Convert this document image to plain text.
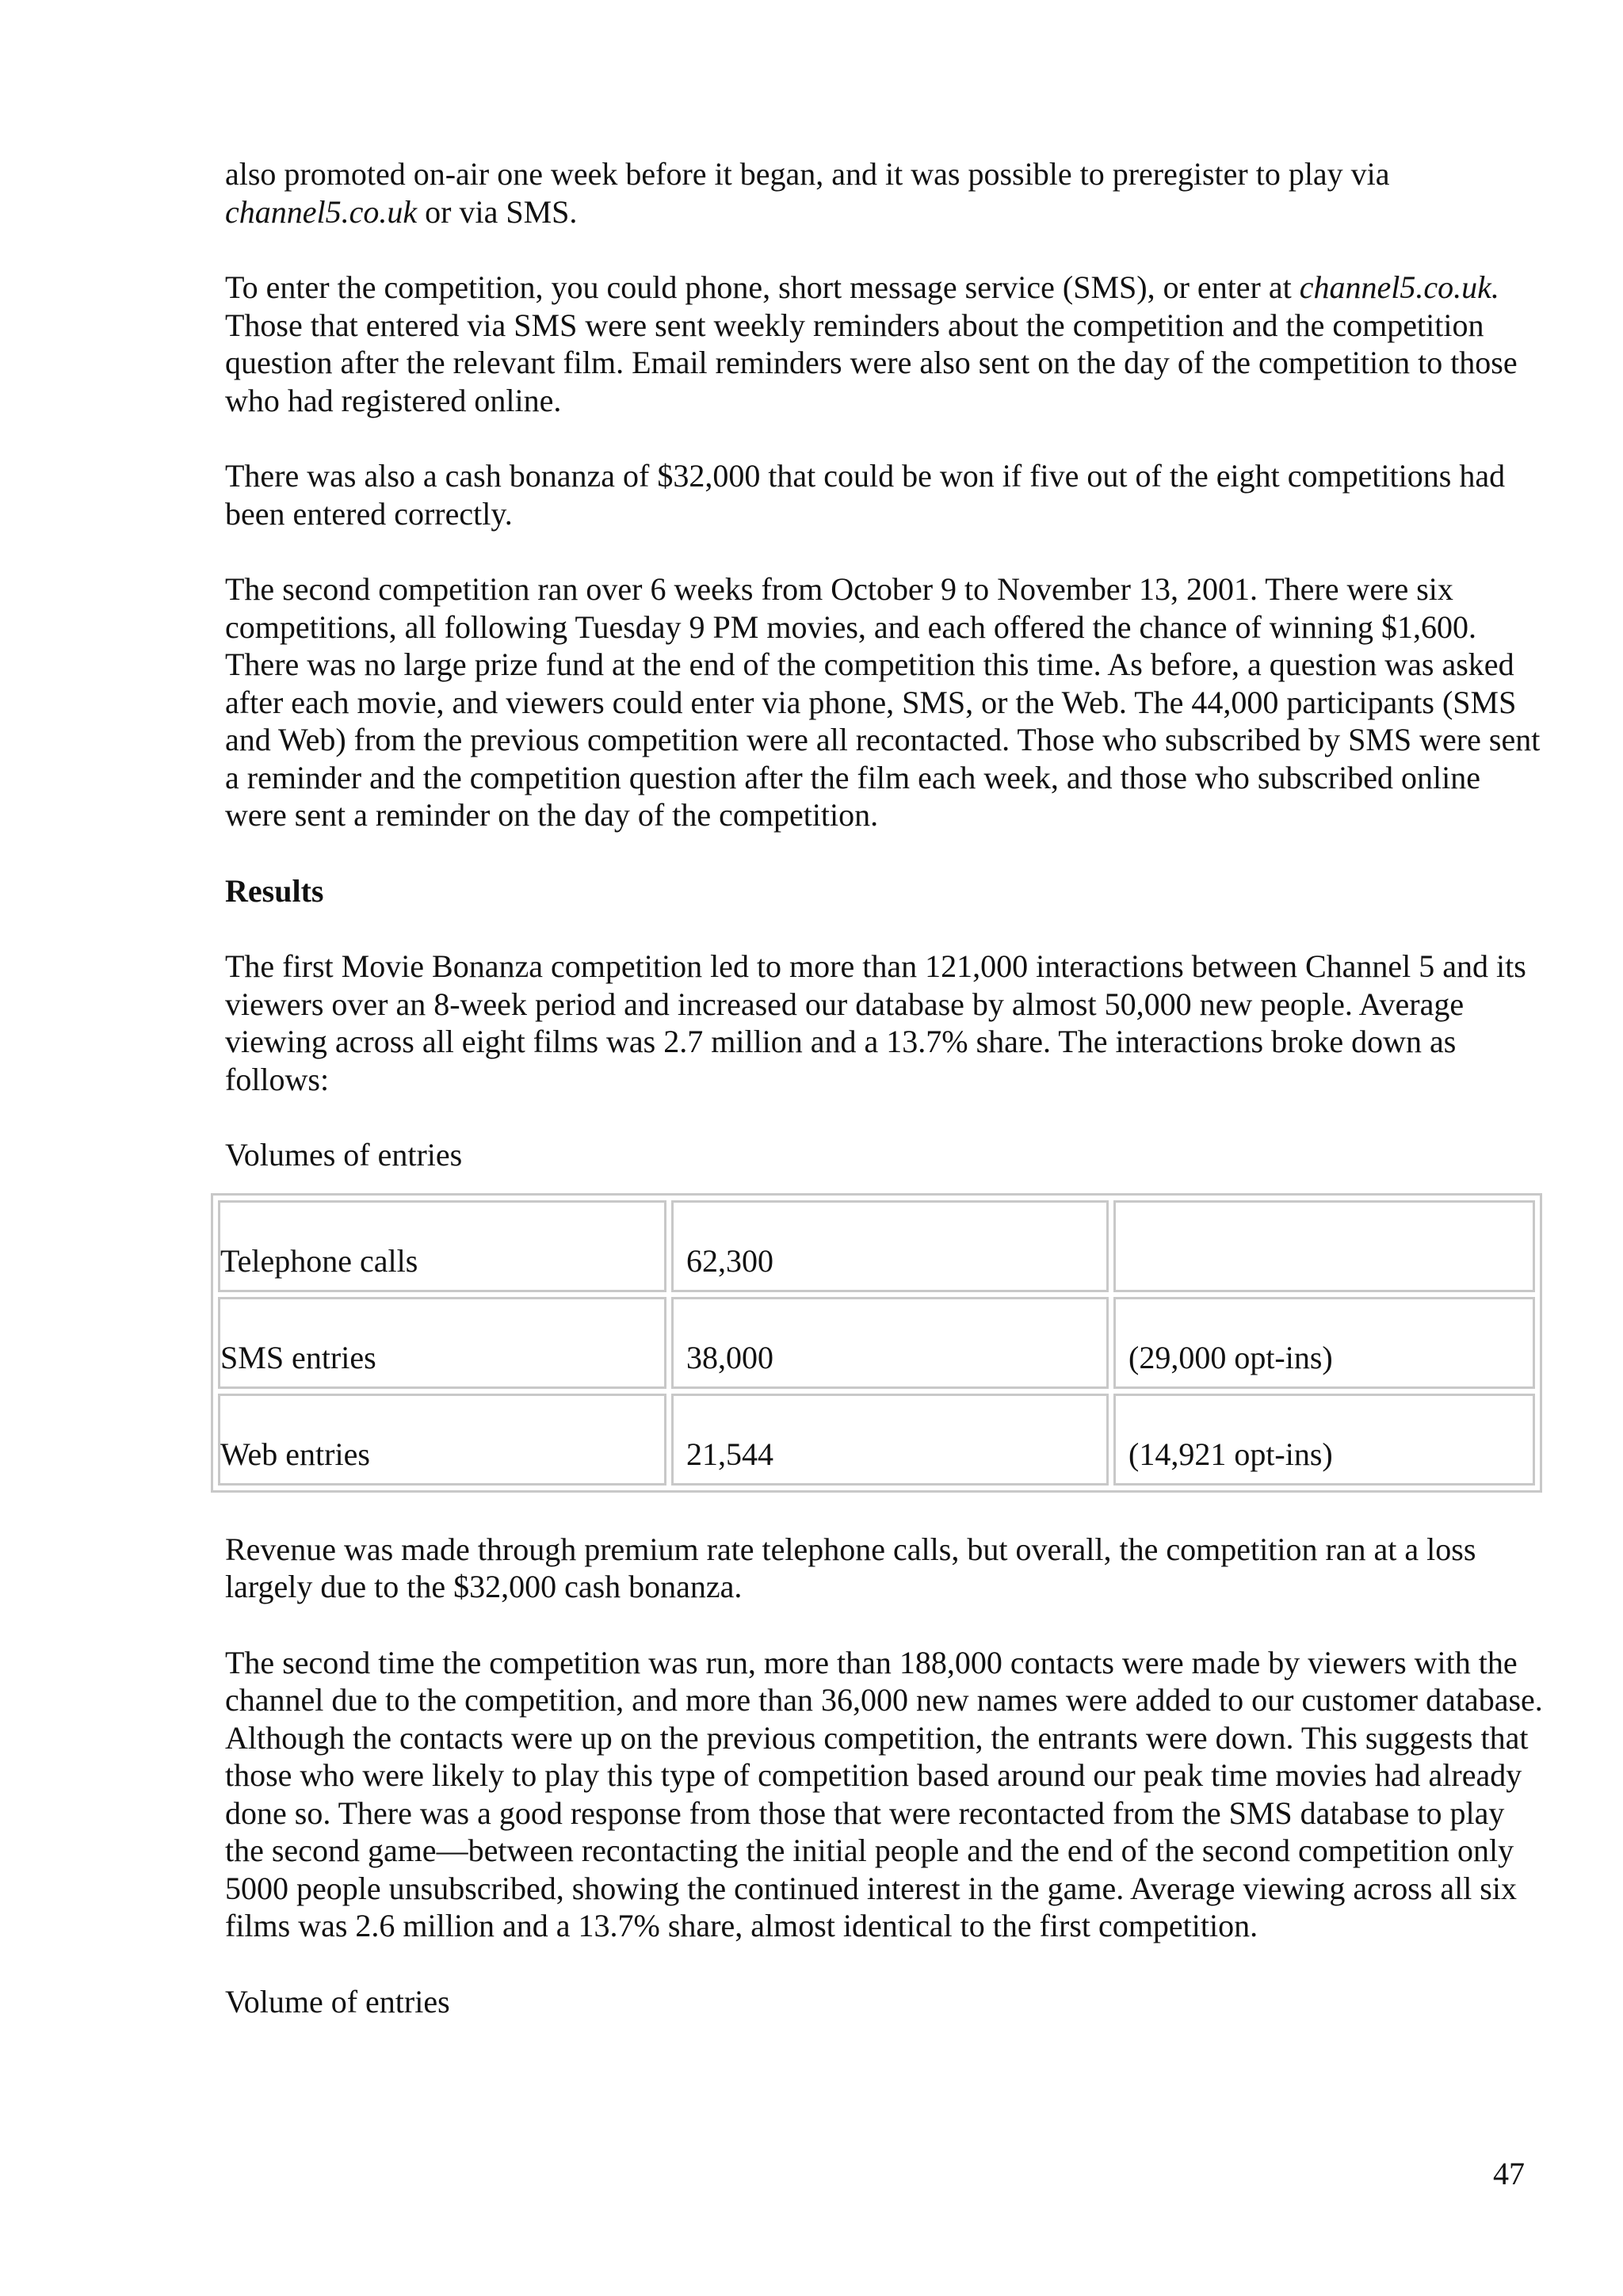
also promoted on-air one week before it began, and it was possible to preregister to play via channel5.co.uk or via SMS.

To enter the competition, you could phone, short message service (SMS), or enter at channel5.co.uk. Those that entered via SMS were sent weekly reminders about the competition and the competition question after the relevant film. Email reminders were also sent on the day of the competition to those who had registered online.

There was also a cash bonanza of $32,000 that could be won if five out of the eight competitions had been entered correctly.

The second competition ran over 6 weeks from October 9 to November 13, 2001. There were six competitions, all following Tuesday 9 PM movies, and each offered the chance of winning $1,600. There was no large prize fund at the end of the competition this time. As before, a question was asked after each movie, and viewers could enter via phone, SMS, or the Web. The 44,000 participants (SMS and Web) from the previous competition were all recontacted. Those who subscribed by SMS were sent a reminder and the competition question after the film each week, and those who subscribed online were sent a reminder on the day of the competition.

Results

The first Movie Bonanza competition led to more than 121,000 interactions between Channel 5 and its viewers over an 8-week period and increased our database by almost 50,000 new people. Average viewing across all eight films was 2.7 million and a 13.7% share. The interactions broke down as follows:

Volumes of entries

Telephone calls	62,300	
SMS entries	38,000	(29,000 opt-ins)
Web entries	21,544	(14,921 opt-ins)

Revenue was made through premium rate telephone calls, but overall, the competition ran at a loss largely due to the $32,000 cash bonanza.

The second time the competition was run, more than 188,000 contacts were made by viewers with the channel due to the competition, and more than 36,000 new names were added to our customer database. Although the contacts were up on the previous competition, the entrants were down. This suggests that those who were likely to play this type of competition based around our peak time movies had already done so. There was a good response from those that were recontacted from the SMS database to play the second game—between recontacting the initial people and the end of the second competition only 5000 people unsubscribed, showing the continued interest in the game. Average viewing across all six films was 2.6 million and a 13.7% share, almost identical to the first competition.

Volume of entries

47
